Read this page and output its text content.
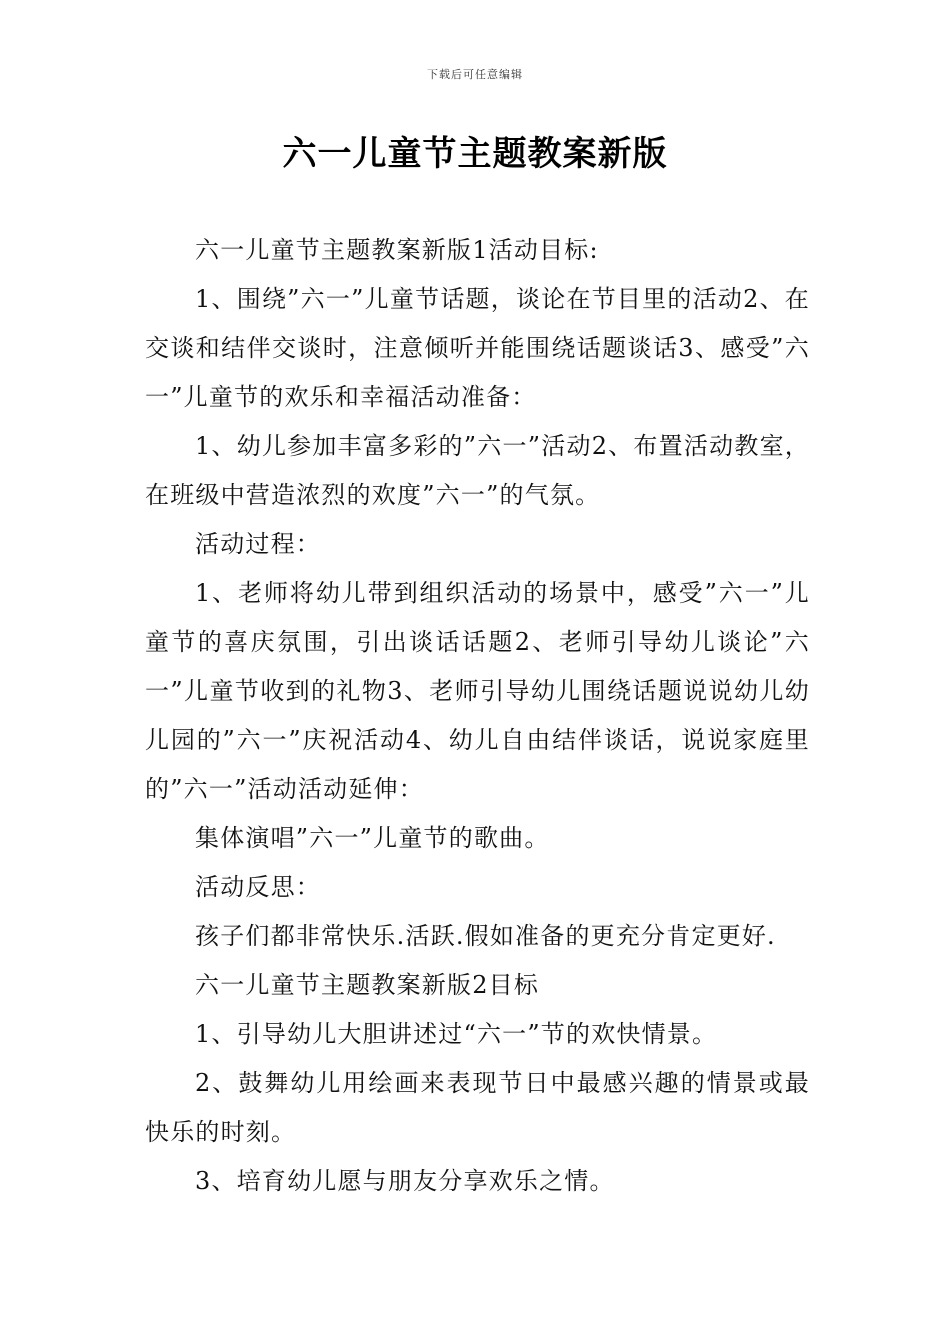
下载后可任意编辑
六一儿童节主题教案新版

六一儿童节主题教案新版1活动目标:

1、围绕”六一”儿童节话题，谈论在节目里的活动2、在交谈和结伴交谈时，注意倾听并能围绕话题谈话3、感受”六一”儿童节的欢乐和幸福活动准备：

1、幼儿参加丰富多彩的”六一”活动2、布置活动教室，在班级中营造浓烈的欢度”六一”的气氛。

活动过程：

1、老师将幼儿带到组织活动的场景中，感受”六一”儿童节的喜庆氛围，引出谈话话题2、老师引导幼儿谈论”六一”儿童节收到的礼物3、老师引导幼儿围绕话题说说幼儿幼儿园的”六一”庆祝活动4、幼儿自由结伴谈话，说说家庭里的”六一”活动活动延伸：

集体演唱”六一”儿童节的歌曲。

活动反思：

孩子们都非常快乐.活跃.假如准备的更充分肯定更好.

六一儿童节主题教案新版2目标

1、引导幼儿大胆讲述过“六一”节的欢快情景。

2、鼓舞幼儿用绘画来表现节日中最感兴趣的情景或最快乐的时刻。

3、培育幼儿愿与朋友分享欢乐之情。
